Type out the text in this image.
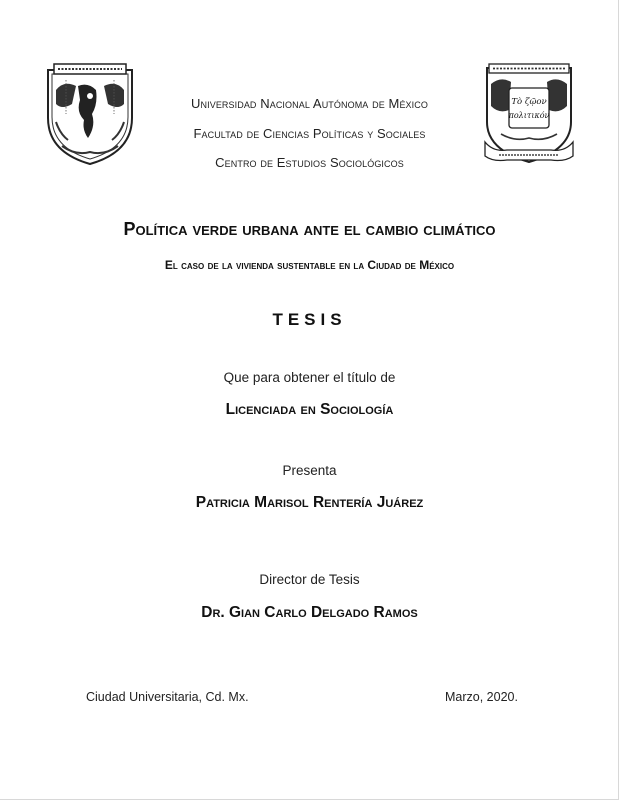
Τὸ ζῷον
πολιτικόν
Universidad Nacional Autónoma de México
Facultad de Ciencias Políticas y Sociales
Centro de Estudios Sociológicos
Política verde urbana ante el cambio climático
El caso de la vivienda sustentable en la Ciudad de México
TESIS
Que para obtener el título de
Licenciada en Sociología
Presenta
Patricia Marisol Rentería Juárez
Director de Tesis
Dr. Gian Carlo Delgado Ramos
Ciudad Universitaria, Cd. Mx.	Marzo, 2020.
